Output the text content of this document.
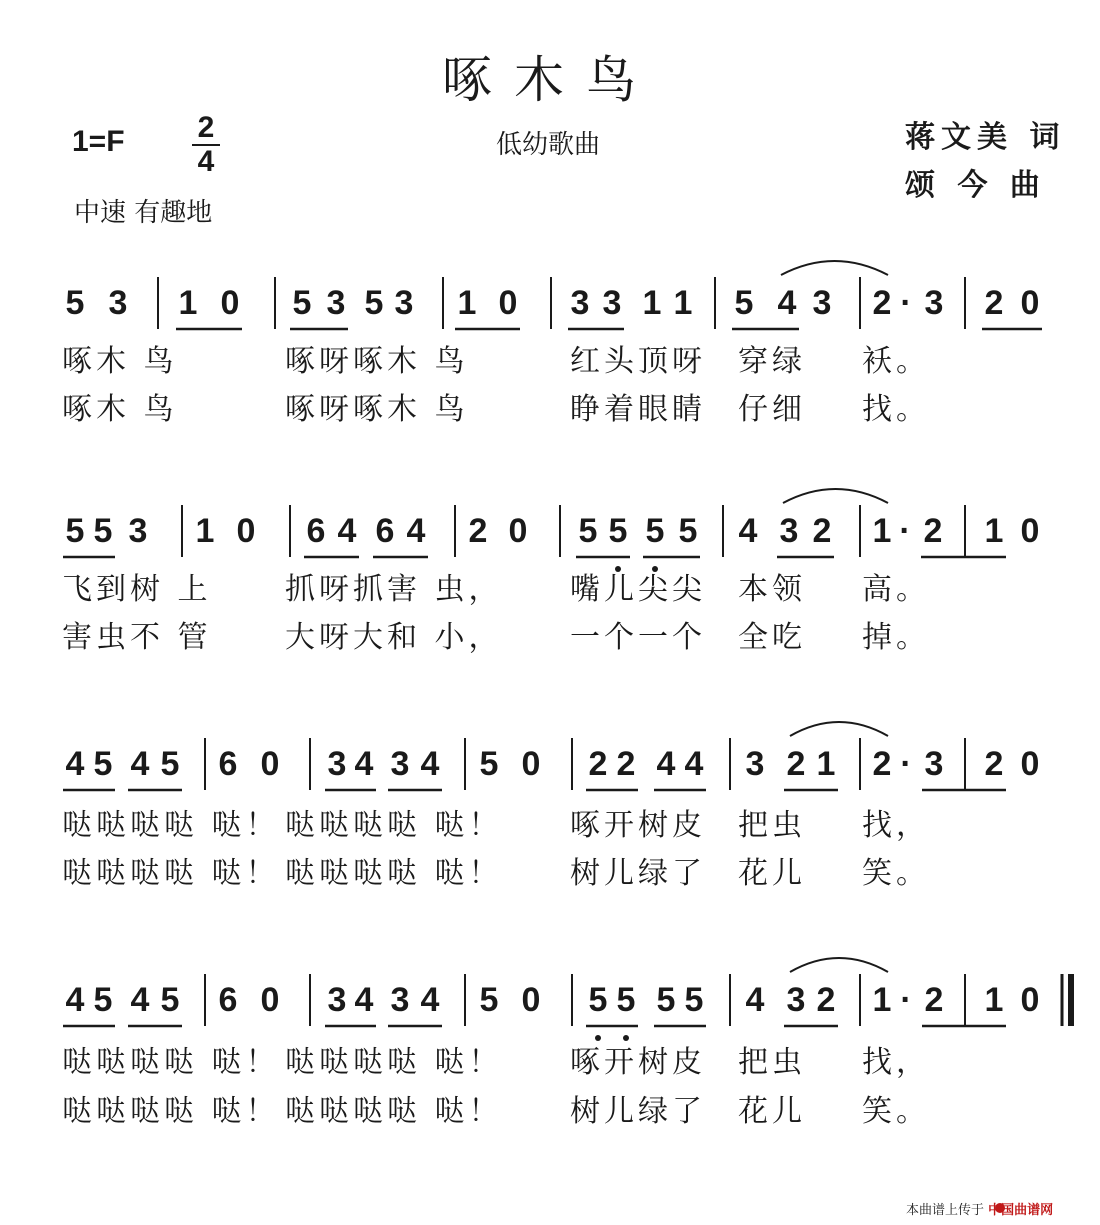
啄木鸟
1=F	2
4	低幼歌曲	蒋文美 词
颂 今 曲
中速 有趣地
5 3 1 0 5 3 5 3 1 0 3 3 1 1 5 4 3 2 · 3 2 0
啄木 鸟	啄呀啄木 鸟	红头顶呀 穿绿 袄。
啄木 鸟	啄呀啄木 鸟	睁着眼睛 仔细 找。
5 5 3 1 0 6 4 6 4 2 0 5 5 5 5 4 3 2 1 · 2 1 0
飞到树 上 抓呀抓害 虫， 嘴儿尖尖 本领 高。
害虫不 管 大呀大和 小， 一个一个 全吃 掉。
4 5 4 5 6 0 3 4 3 4 5 0 2 2 4 4 3 2 1 2 · 3 2 0
哒哒哒哒 哒！ 哒哒哒哒 哒！ 啄开树皮 把虫 找，
哒哒哒哒 哒！ 哒哒哒哒 哒！ 树儿绿了 花儿 笑。
4 5 4 5 6 0 3 4 3 4 5 0 5 5 5 5 4 3 2 1 · 2 1 0
哒哒哒哒 哒！ 哒哒哒哒 哒！ 啄开树皮 把虫 找，
哒哒哒哒 哒！ 哒哒哒哒 哒！ 树儿绿了 花儿 笑。
本曲谱上传于 中国曲谱网
